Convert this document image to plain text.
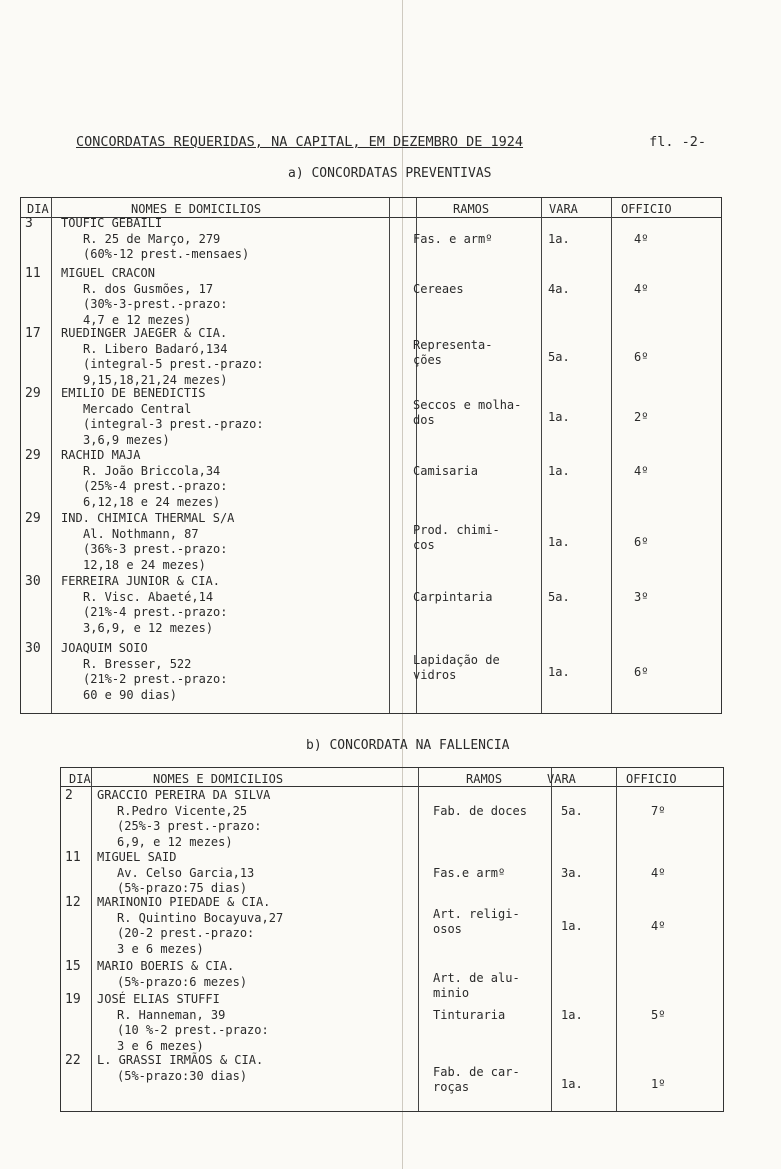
CONCORDATAS REQUERIDAS, NA CAPITAL, EM DEZEMBRO DE 1924	fl. -2-
a) CONCORDATAS PREVENTIVAS
DIA	NOMES E DOMICILIOS	RAMOS	VARA	OFFICIO
3 TOUFIC GEBAILI
R. 25 de Março, 279
(60%-12 prest.-mensaes)
Fas. e armº	1a.	4º
11 MIGUEL CRACON
R. dos Gusmões, 17
(30%-3-prest.-prazo:
4,7 e 12 mezes)
Cereaes	4a.	4º
17 RUEDINGER JAEGER & CIA.
R. Libero Badaró,134
(integral-5 prest.-prazo:
9,15,18,21,24 mezes)
Representa-
ções	5a.	6º
29 EMILIO DE BENEDICTIS
Mercado Central
(integral-3 prest.-prazo:
3,6,9 mezes)
Seccos e molha-
dos	1a.	2º
29 RACHID MAJA
R. João Briccola,34
(25%-4 prest.-prazo:
6,12,18 e 24 mezes)
Camisaria	1a.	4º
29 IND. CHIMICA THERMAL S/A
Al. Nothmann, 87
(36%-3 prest.-prazo:
12,18 e 24 mezes)
Prod. chimi-
cos	1a.	6º
30 FERREIRA JUNIOR & CIA.
R. Visc. Abaeté,14
(21%-4 prest.-prazo:
3,6,9, e 12 mezes)
Carpintaria	5a.	3º
30 JOAQUIM SOIO
R. Bresser, 522
(21%-2 prest.-prazo:
60 e 90 dias)
Lapidação de
vidros	1a.	6º
b) CONCORDATA NA FALLENCIA
DIA	NOMES E DOMICILIOS	RAMOS	VARA	OFFICIO
2 GRACCIO PEREIRA DA SILVA
R.Pedro Vicente,25
(25%-3 prest.-prazo:
6,9, e 12 mezes)
Fab. de doces	5a.	7º
11 MIGUEL SAID
Av. Celso Garcia,13
(5%-prazo:75 dias)
Fas.e armº	3a.	4º
12 MARINONIO PIEDADE & CIA.
R. Quintino Bocayuva,27
(20-2 prest.-prazo:
3 e 6 mezes)
Art. religi-
osos	1a.	4º
15 MARIO BOERIS & CIA.
(5%-prazo:6 mezes)	Art. de alu-
minio
19 JOSÉ ELIAS STUFFI
R. Hanneman, 39
(10 %-2 prest.-prazo:
3 e 6 mezes)
Tinturaria	1a.	5º
22 L. GRASSI IRMÃOS & CIA.
(5%-prazo:30 dias)	Fab. de car-
roças	1a.	1º
